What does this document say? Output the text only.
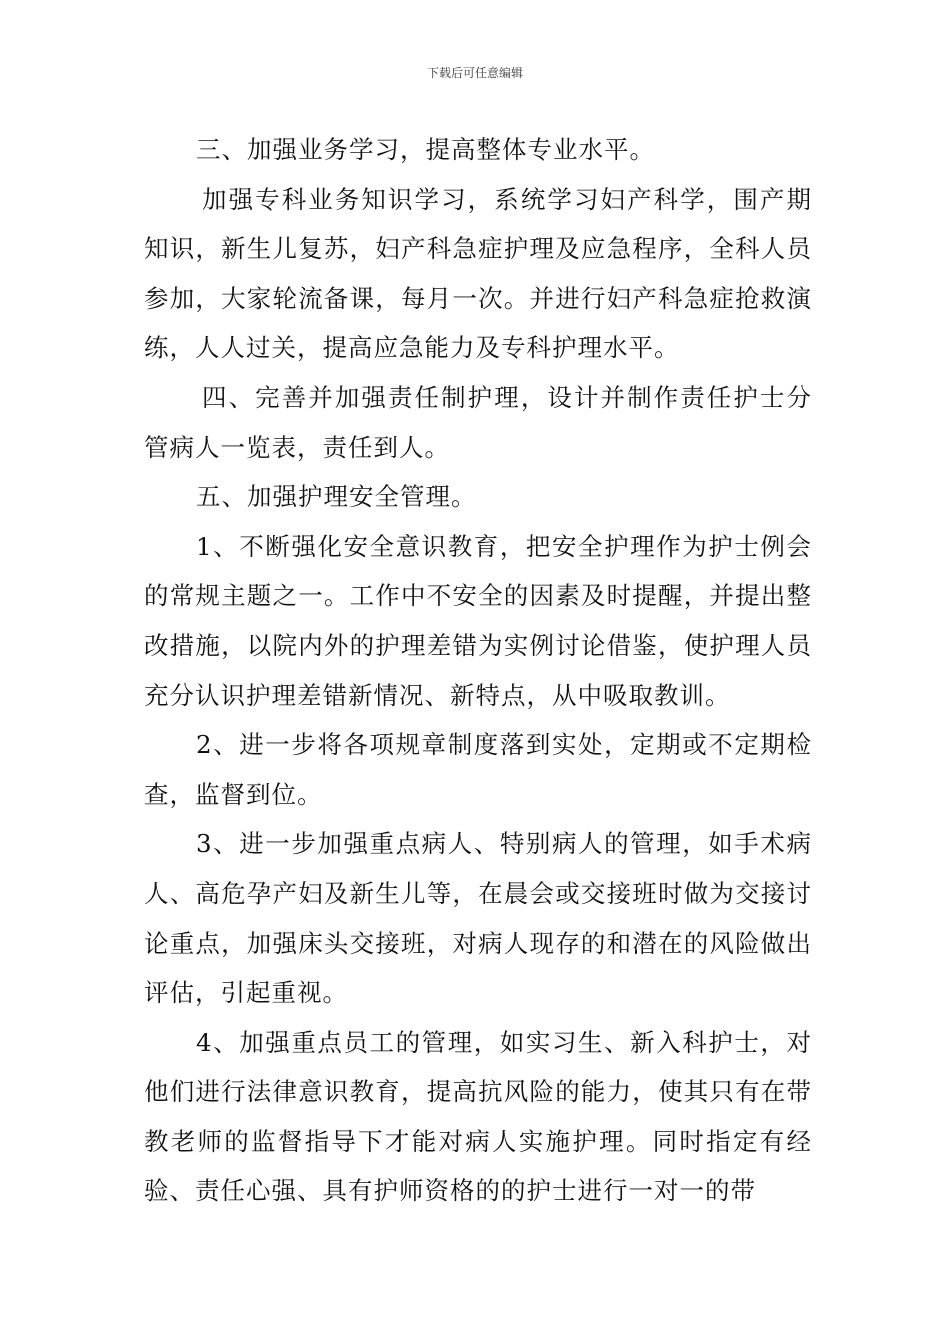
下载后可任意编辑

三、加强业务学习，提高整体专业水平。

加强专科业务知识学习，系统学习妇产科学，围产期知识，新生儿复苏，妇产科急症护理及应急程序，全科人员参加，大家轮流备课，每月一次。并进行妇产科急症抢救演练，人人过关，提高应急能力及专科护理水平。

四、完善并加强责任制护理，设计并制作责任护士分管病人一览表，责任到人。

五、加强护理安全管理。

1、不断强化安全意识教育，把安全护理作为护士例会的常规主题之一。工作中不安全的因素及时提醒，并提出整改措施，以院内外的护理差错为实例讨论借鉴，使护理人员充分认识护理差错新情况、新特点，从中吸取教训。

2、进一步将各项规章制度落到实处，定期或不定期检查，监督到位。

3、进一步加强重点病人、特别病人的管理，如手术病人、高危孕产妇及新生儿等，在晨会或交接班时做为交接讨论重点，加强床头交接班，对病人现存的和潜在的风险做出评估，引起重视。

4、加强重点员工的管理，如实习生、新入科护士，对他们进行法律意识教育，提高抗风险的能力，使其只有在带教老师的监督指导下才能对病人实施护理。同时指定有经验、责任心强、具有护师资格的的护士进行一对一的带
